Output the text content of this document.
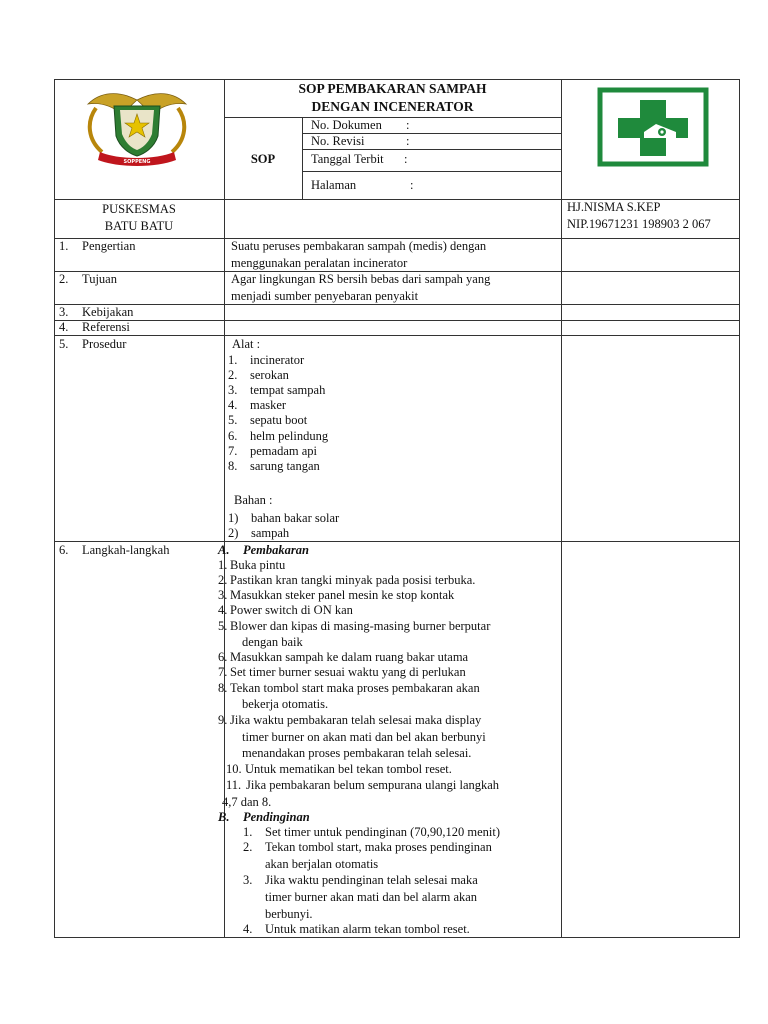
SOPPENG
SOP PEMBAKARAN SAMPAH
DENGAN INCENERATOR
SOP
No. Dokumen :
No. Revisi	:
Tanggal Terbit :
Halaman	:
PUSKESMAS
BATU BATU
HJ.NISMA S.KEP
NIP.19671231 198903 2 067
1. Pengertian	Suatu peruses pembakaran sampah (medis) dengan
menggunakan peralatan incinerator
2. Tujuan	Agar lingkungan RS bersih bebas dari sampah yang
menjadi sumber penyebaran penyakit
3. Kebijakan
4. Referensi
5. Prosedur	Alat :
1. incinerator
2. serokan
3. tempat sampah
4. masker
5. sepatu boot
6. helm pelindung
7. pemadam api
8. sarung tangan
Bahan :
1) bahan bakar solar
2) sampah
6. Langkah-langkah	A. Pembakaran
1. Buka pintu
2. Pastikan kran tangki minyak pada posisi terbuka.
3. Masukkan steker panel mesin ke stop kontak
4. Power switch di ON kan
5. Blower dan kipas di masing-masing burner berputar
dengan baik
6. Masukkan sampah ke dalam ruang bakar utama
7. Set timer burner sesuai waktu yang di perlukan
8. Tekan tombol start maka proses pembakaran akan
bekerja otomatis.
9. Jika waktu pembakaran telah selesai maka display
timer burner on akan mati dan bel akan berbunyi
menandakan proses pembakaran telah selesai.
10. Untuk mematikan bel tekan tombol reset.
11. Jika pembakaran belum sempurana ulangi langkah
4,7 dan 8.
B. Pendinginan
1. Set timer untuk pendinginan (70,90,120 menit)
2. Tekan tombol start, maka proses pendinginan
akan berjalan otomatis
3. Jika waktu pendinginan telah selesai maka
timer burner akan mati dan bel alarm akan
berbunyi.
4. Untuk matikan alarm tekan tombol reset.
